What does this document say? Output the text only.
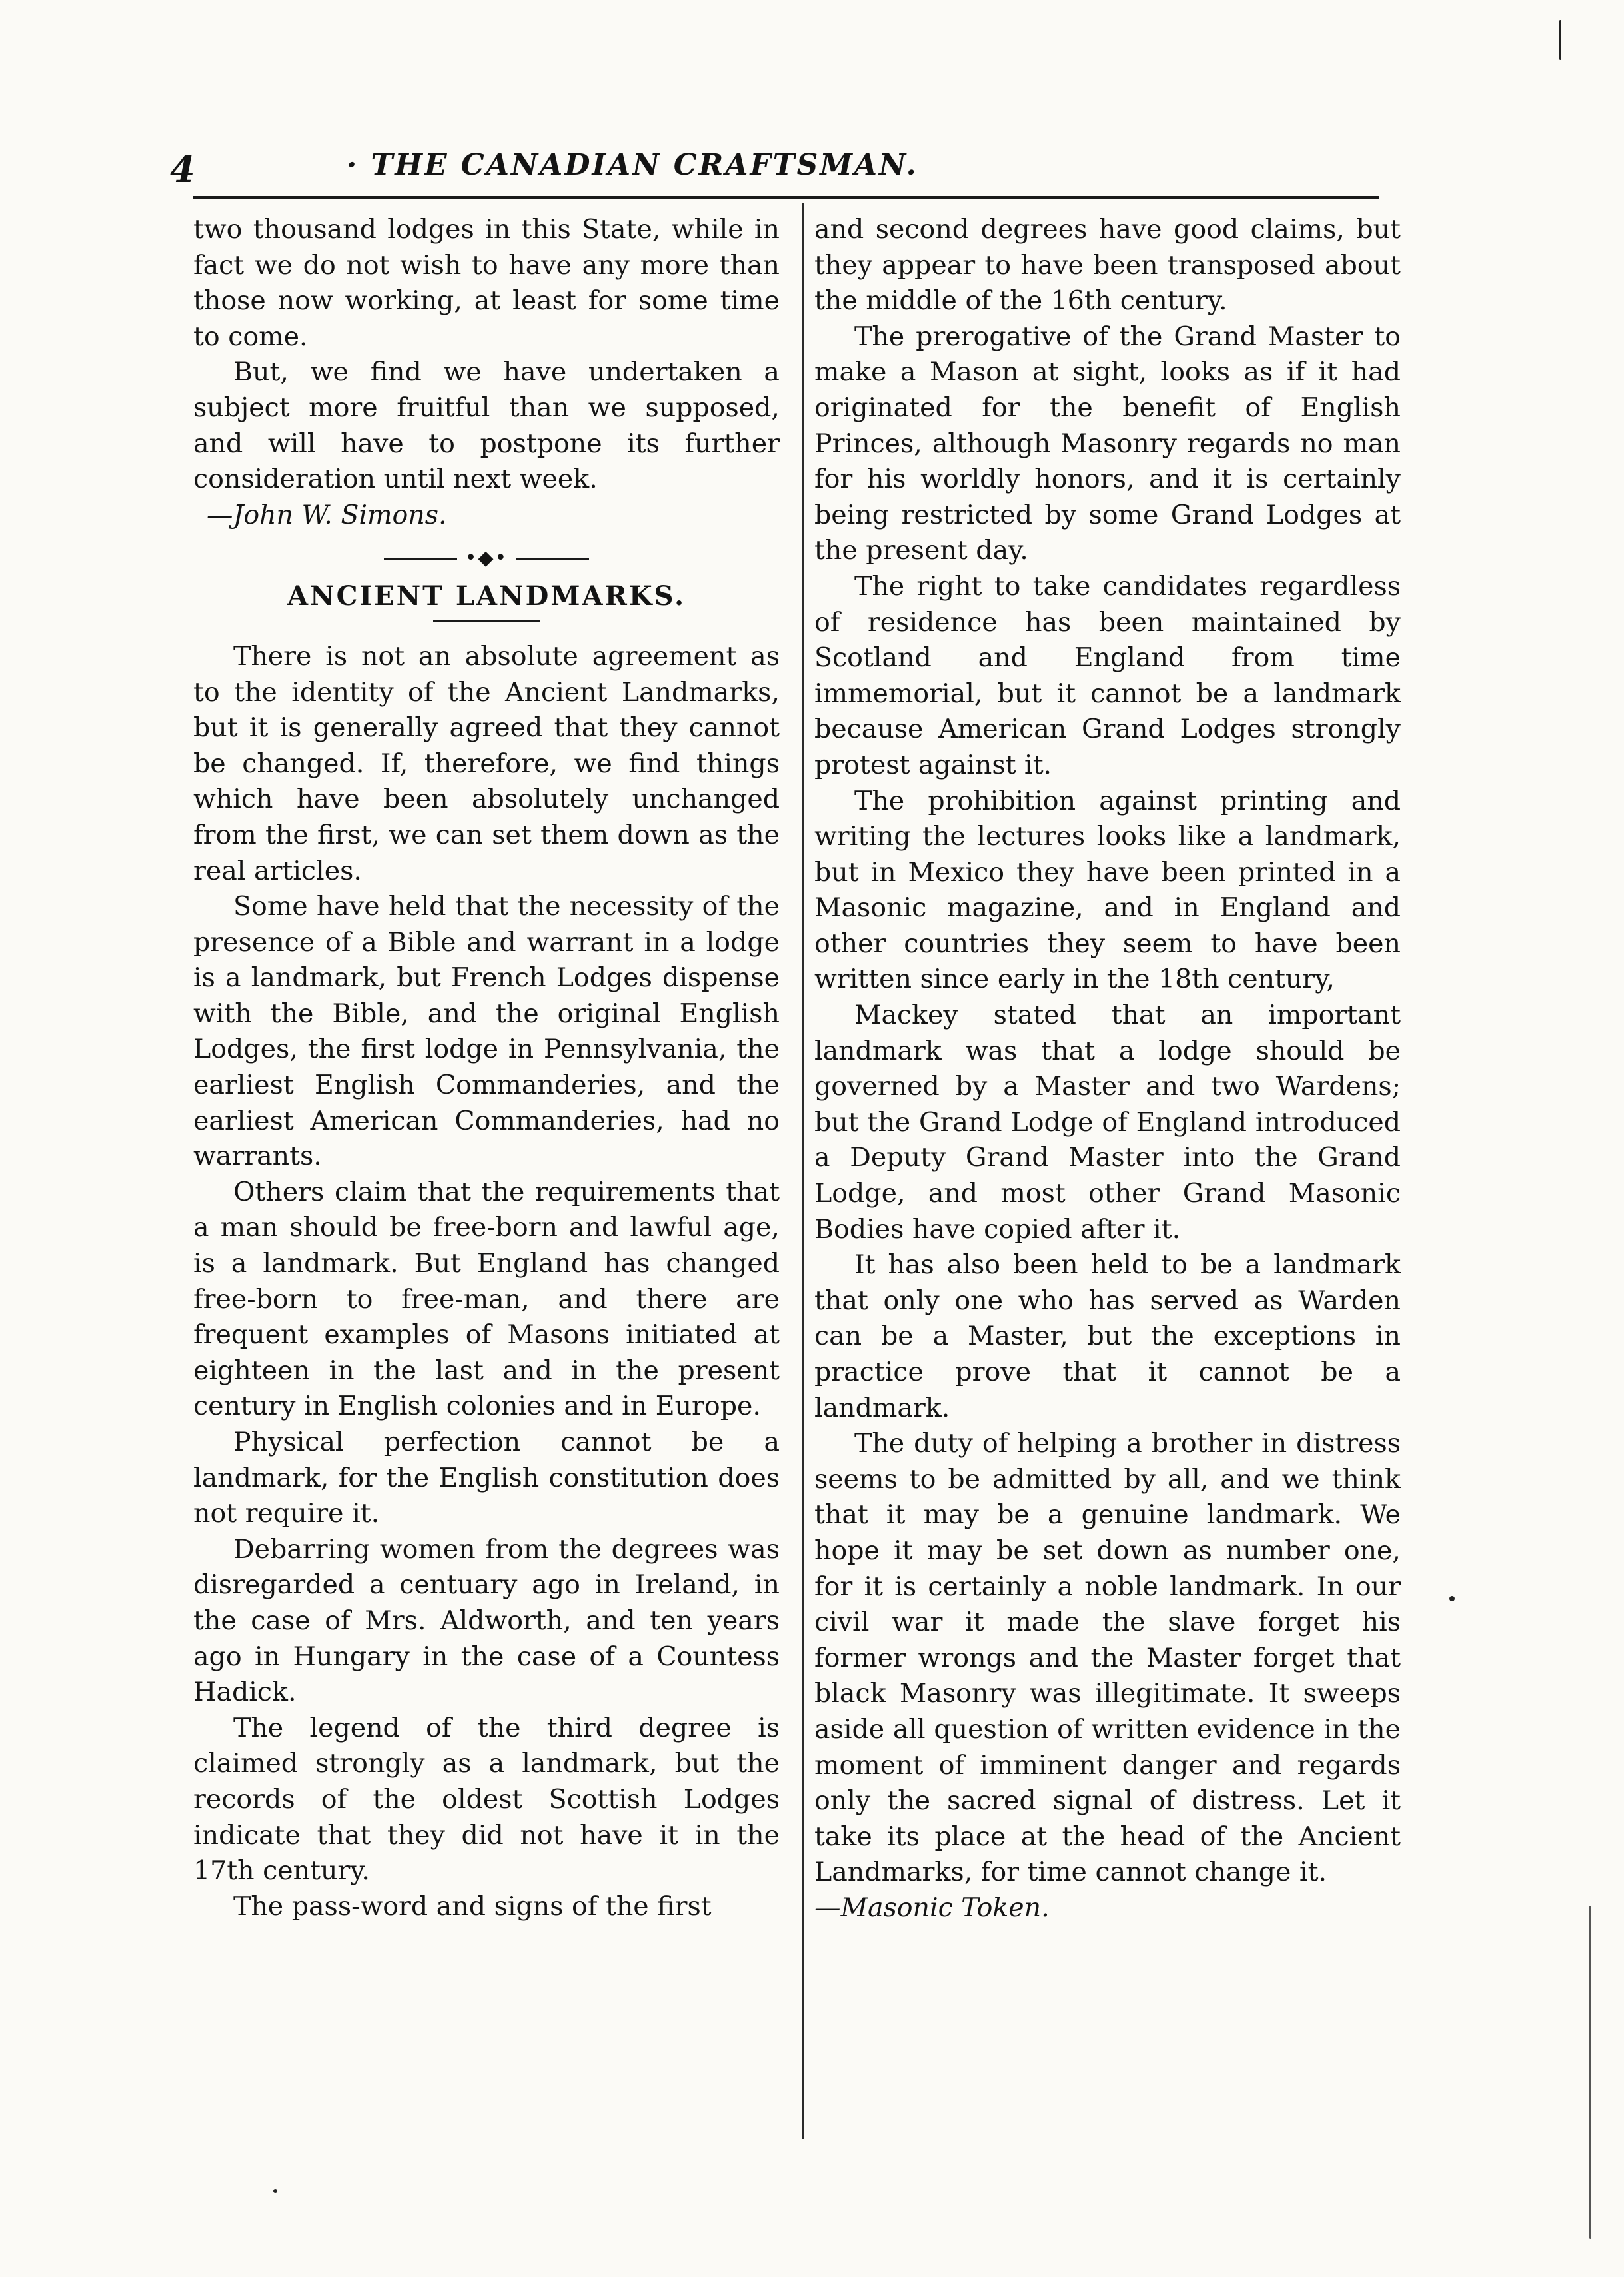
4	· THE CANADIAN CRAFTSMAN.

two thousand lodges in this State, while in fact we do not wish to have any more than those now working, at least for some time to come.

But, we find we have undertaken a subject more fruitful than we supposed, and will have to postpone its further consideration until next week.

—John W. Simons.

•◆•
ANCIENT LANDMARKS.

There is not an absolute agreement as to the identity of the Ancient Landmarks, but it is generally agreed that they cannot be changed. If, therefore, we find things which have been absolutely unchanged from the first, we can set them down as the real articles.

Some have held that the necessity of the presence of a Bible and warrant in a lodge is a landmark, but French Lodges dispense with the Bible, and the original English Lodges, the first lodge in Pennsylvania, the earliest English Commanderies, and the earliest American Commanderies, had no warrants.

Others claim that the requirements that a man should be free-born and lawful age, is a landmark. But England has changed free-born to free-man, and there are frequent examples of Masons initiated at eighteen in the last and in the present century in English colonies and in Europe.

Physical perfection cannot be a landmark, for the English constitution does not require it.

Debarring women from the degrees was disregarded a centuary ago in Ireland, in the case of Mrs. Aldworth, and ten years ago in Hungary in the case of a Countess Hadick.

The legend of the third degree is claimed strongly as a landmark, but the records of the oldest Scottish Lodges indicate that they did not have it in the 17th century.

The pass-word and signs of the first

and second degrees have good claims, but they appear to have been transposed about the middle of the 16th century.

The prerogative of the Grand Master to make a Mason at sight, looks as if it had originated for the benefit of English Princes, although Masonry regards no man for his worldly honors, and it is certainly being restricted by some Grand Lodges at the present day.

The right to take candidates regardless of residence has been maintained by Scotland and England from time immemorial, but it cannot be a landmark because American Grand Lodges strongly protest against it.

The prohibition against printing and writing the lectures looks like a landmark, but in Mexico they have been printed in a Masonic magazine, and in England and other countries they seem to have been written since early in the 18th century,

Mackey stated that an important landmark was that a lodge should be governed by a Master and two Wardens; but the Grand Lodge of England introduced a Deputy Grand Master into the Grand Lodge, and most other Grand Masonic Bodies have copied after it.

It has also been held to be a landmark that only one who has served as Warden can be a Master, but the exceptions in practice prove that it cannot be a landmark.

The duty of helping a brother in distress seems to be admitted by all, and we think that it may be a genuine landmark. We hope it may be set down as number one, for it is certainly a noble landmark. In our civil war it made the slave forget his former wrongs and the Master forget that black Masonry was illegitimate. It sweeps aside all question of written evidence in the moment of imminent danger and regards only the sacred signal of distress. Let it take its place at the head of the Ancient Landmarks, for time cannot change it.

—Masonic Token.
